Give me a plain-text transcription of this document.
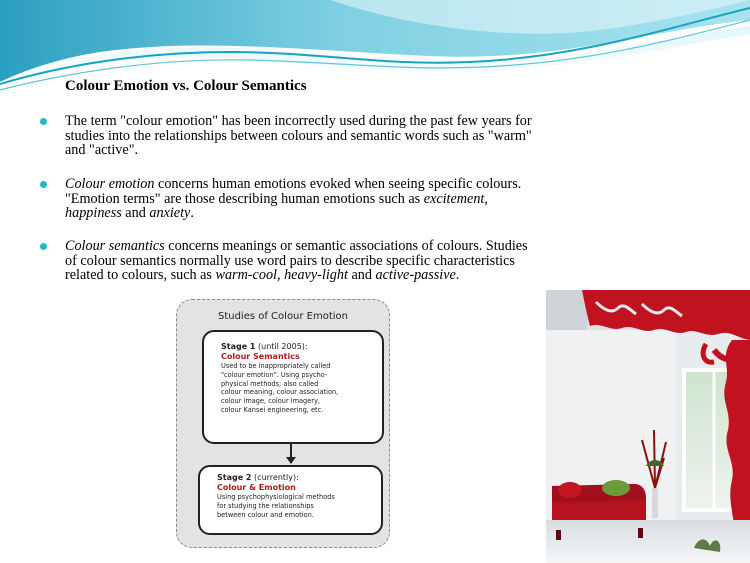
Colour Emotion vs. Colour Semantics
The term "colour emotion" has been incorrectly used during the past few years for studies into the relationships between colours and semantic words such as "warm" and "active".
Colour emotion concerns human emotions evoked when seeing specific colours. "Emotion terms" are those describing human emotions such as excitement, happiness and anxiety.
Colour semantics concerns meanings or semantic associations of colours. Studies of colour semantics normally use word pairs to describe specific characteristics related to colours, such as warm-cool, heavy-light and active-passive.
Studies of Colour Emotion
Stage 1 (until 2005):
Colour Semantics
Used to be inappropriately called
"colour emotion". Using psycho-
physical methods; also called
colour meaning, colour association,
colour image, colour imagery,
colour Kansei engineering, etc.
Stage 2 (currently):
Colour & Emotion
Using psychophysiological methods
for studying the relationships
between colour and emotion.
